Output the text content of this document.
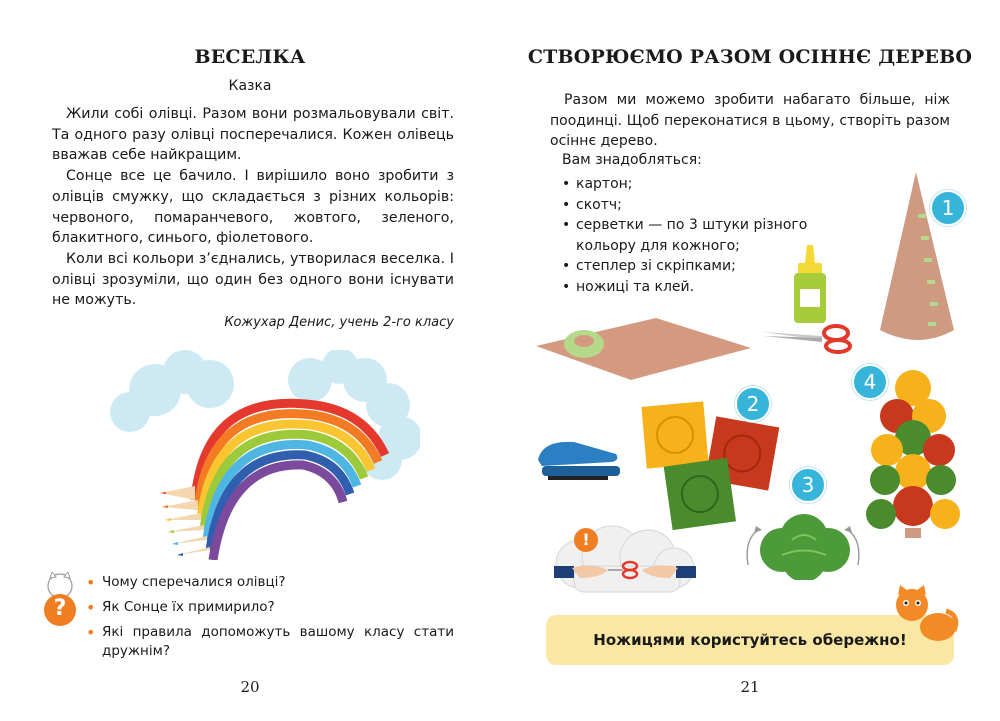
ВЕСЕЛКА
Казка

Жили собі олівці. Разом вони розмальовували світ. Та одного разу олівці посперечалися. Кожен олівець вважав себе найкращим.

Сонце все це бачило. І вирішило воно зробити з олівців смужку, що складається з різних кольорів: червоного, помаранчевого, жовтого, зеленого, блакитного, синього, фіолетового.

Коли всі кольори з’єднались, утворилася веселка. І олівці зрозуміли, що один без одного вони існувати не можуть.

Кожухар Денис, учень 2-го класу
?
• Чому сперечалися олівці?
• Як Сонце їх примирило?
• Які правила допоможуть вашому класу стати дружнім?
20
СТВОРЮЄМО РАЗОМ ОСІННЄ ДЕРЕВО

Разом ми можемо зробити набагато більше, ніж поодинці. Щоб переконатися в цьому, створіть разом осіннє дерево.

Вам знадобляться:
• картон;
• скотч;
• серветки — по 3 штуки різного кольору для кожного;
• степлер зі скріпками;
• ножиці та клей.
1
2
3
4
!
Ножицями користуйтесь обережно!
21
